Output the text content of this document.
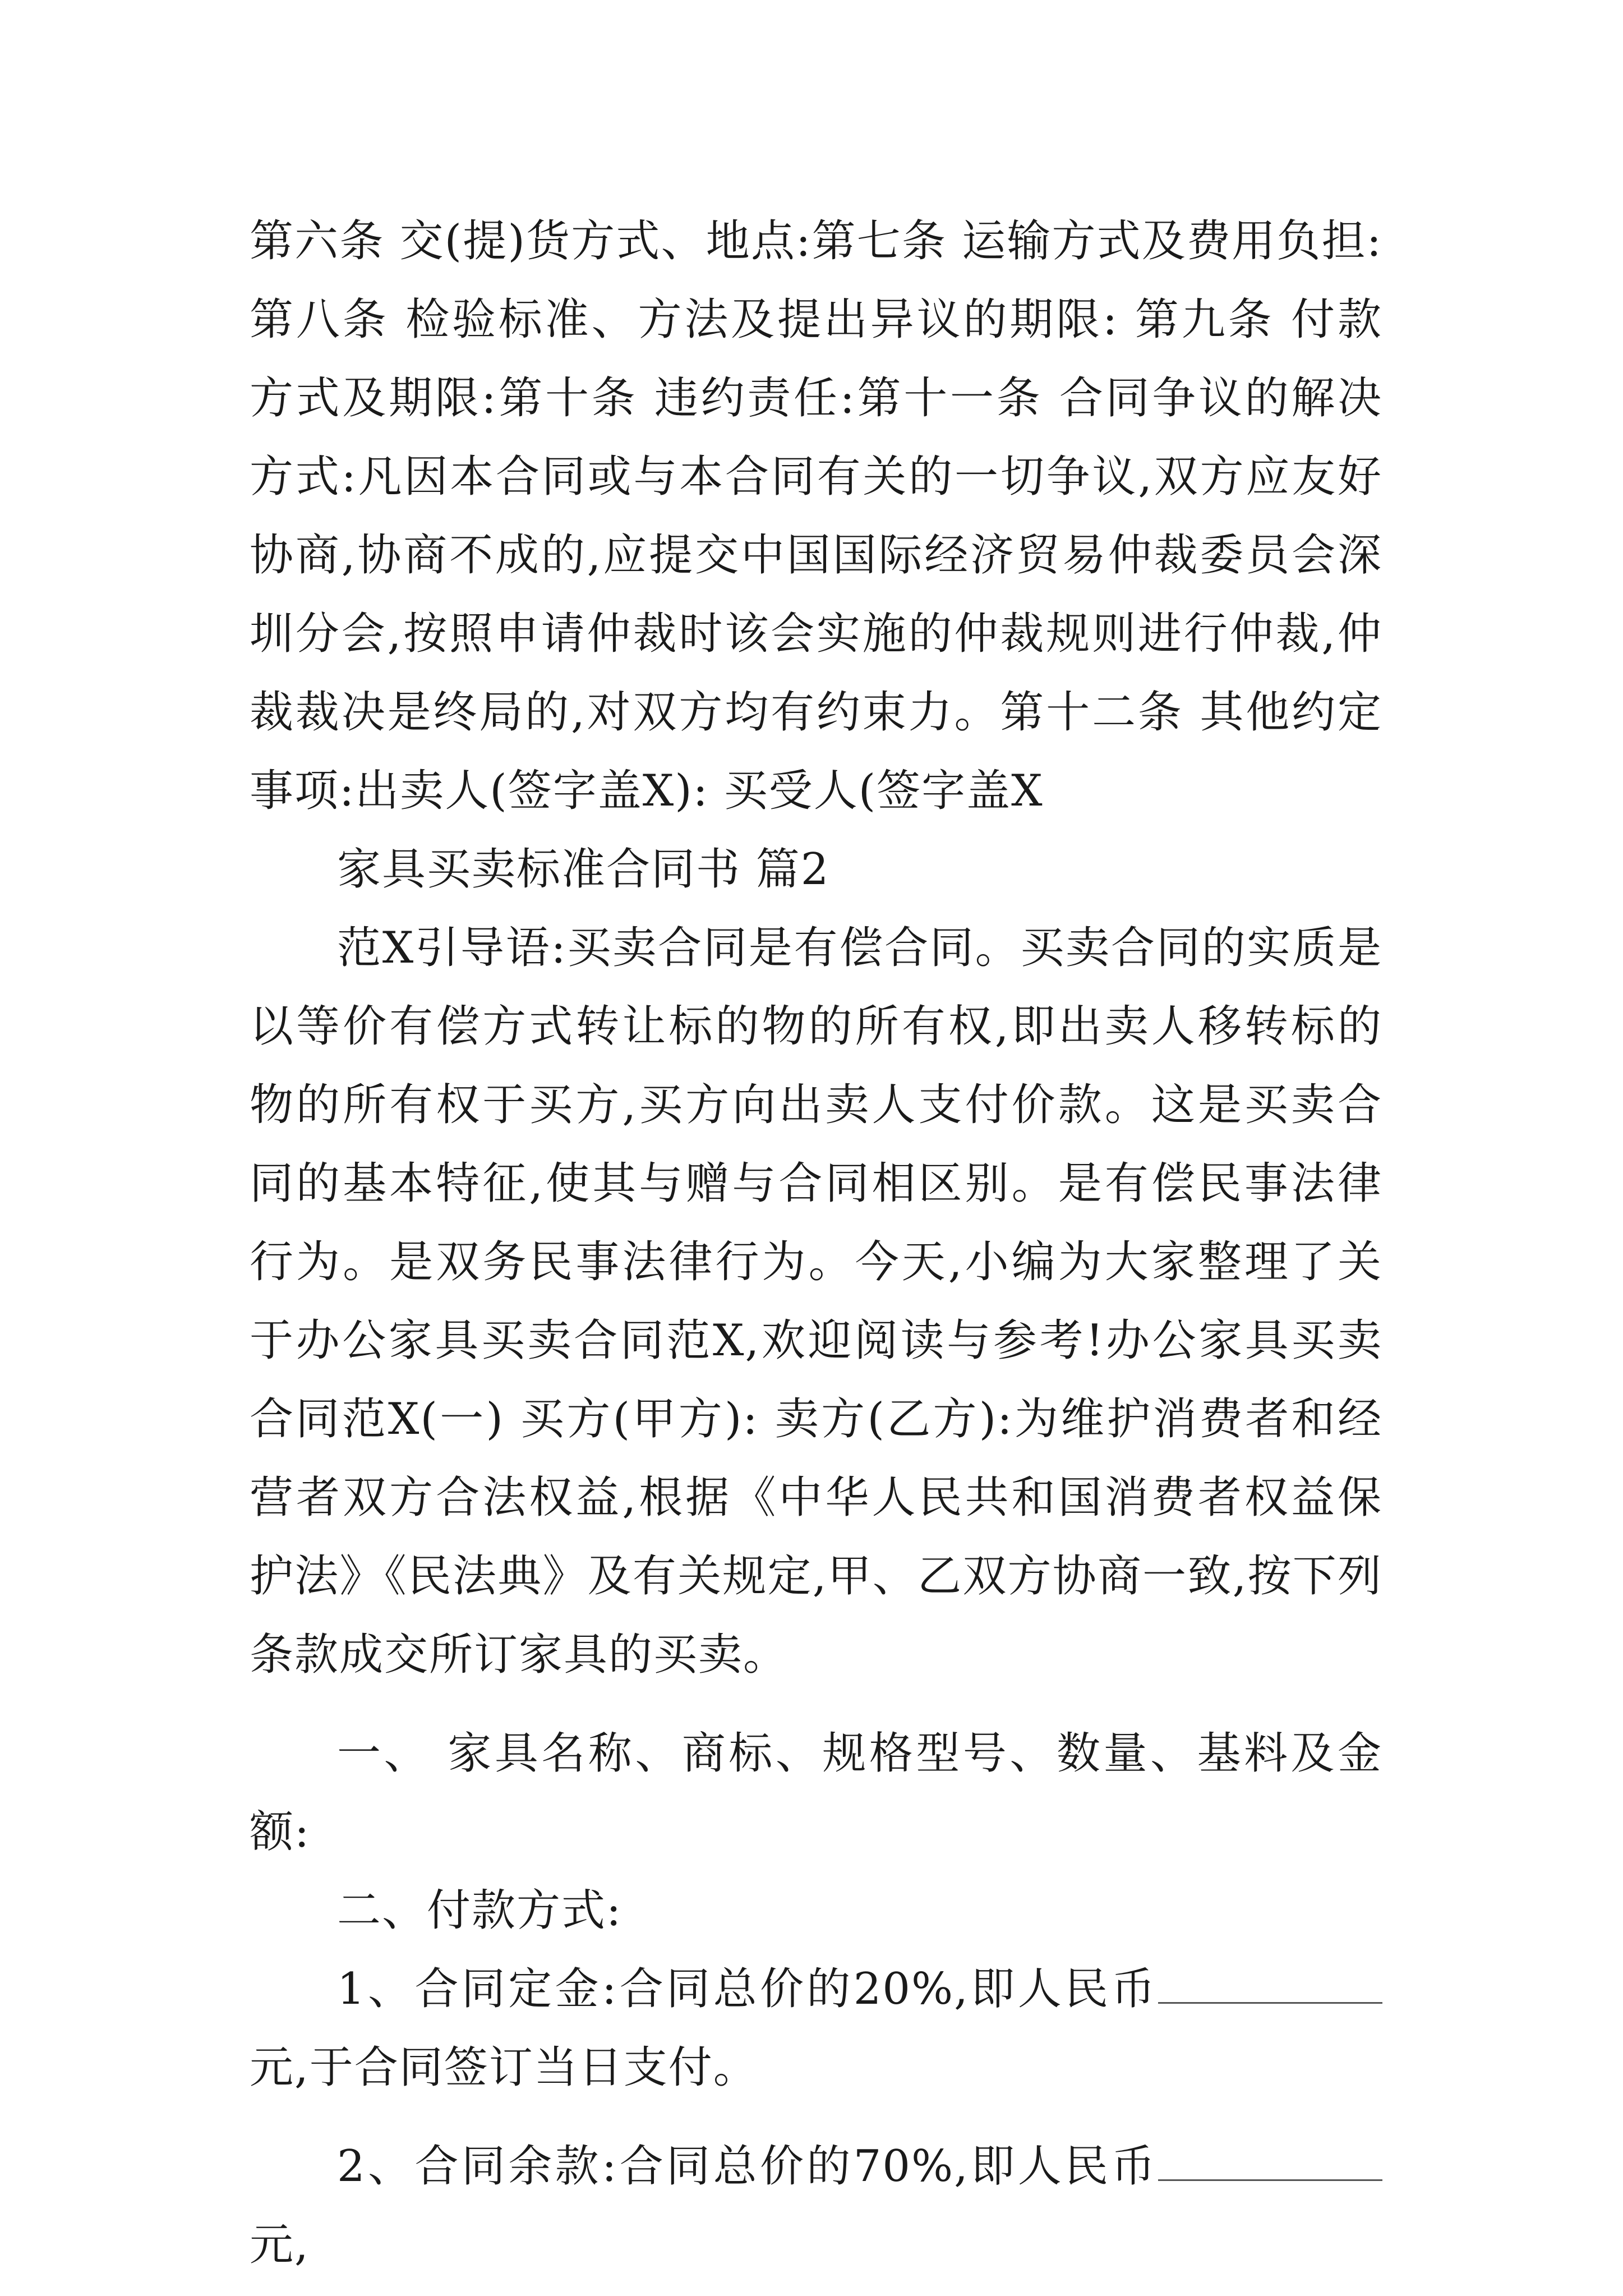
第六条 交(提)货方式、地点:第七条 运输方式及费用负担:第八条 检验标准、方法及提出异议的期限: 第九条 付款方式及期限:第十条 违约责任:第十一条 合同争议的解决方式:凡因本合同或与本合同有关的一切争议,双方应友好协商,协商不成的,应提交中国国际经济贸易仲裁委员会深圳分会,按照申请仲裁时该会实施的仲裁规则进行仲裁,仲裁裁决是终局的,对双方均有约束力。第十二条 其他约定事项:出卖人(签字盖X): 买受人(签字盖X

家具买卖标准合同书 篇2

范X引导语:买卖合同是有偿合同。买卖合同的实质是以等价有偿方式转让标的物的所有权,即出卖人移转标的物的所有权于买方,买方向出卖人支付价款。这是买卖合同的基本特征,使其与赠与合同相区别。是有偿民事法律行为。是双务民事法律行为。今天,小编为大家整理了关于办公家具买卖合同范X,欢迎阅读与参考!办公家具买卖合同范X(一) 买方(甲方): 卖方(乙方):为维护消费者和经营者双方合法权益,根据《中华人民共和国消费者权益保护法》《民法典》及有关规定,甲、乙双方协商一致,按下列条款成交所订家具的买卖。

一、 家具名称、商标、规格型号、数量、基料及金额:

二、付款方式:

1、合同定金:合同总价的20%,即人民币元,于合同签订当日支付。

2、合同余款:合同总价的70%,即人民币元,
